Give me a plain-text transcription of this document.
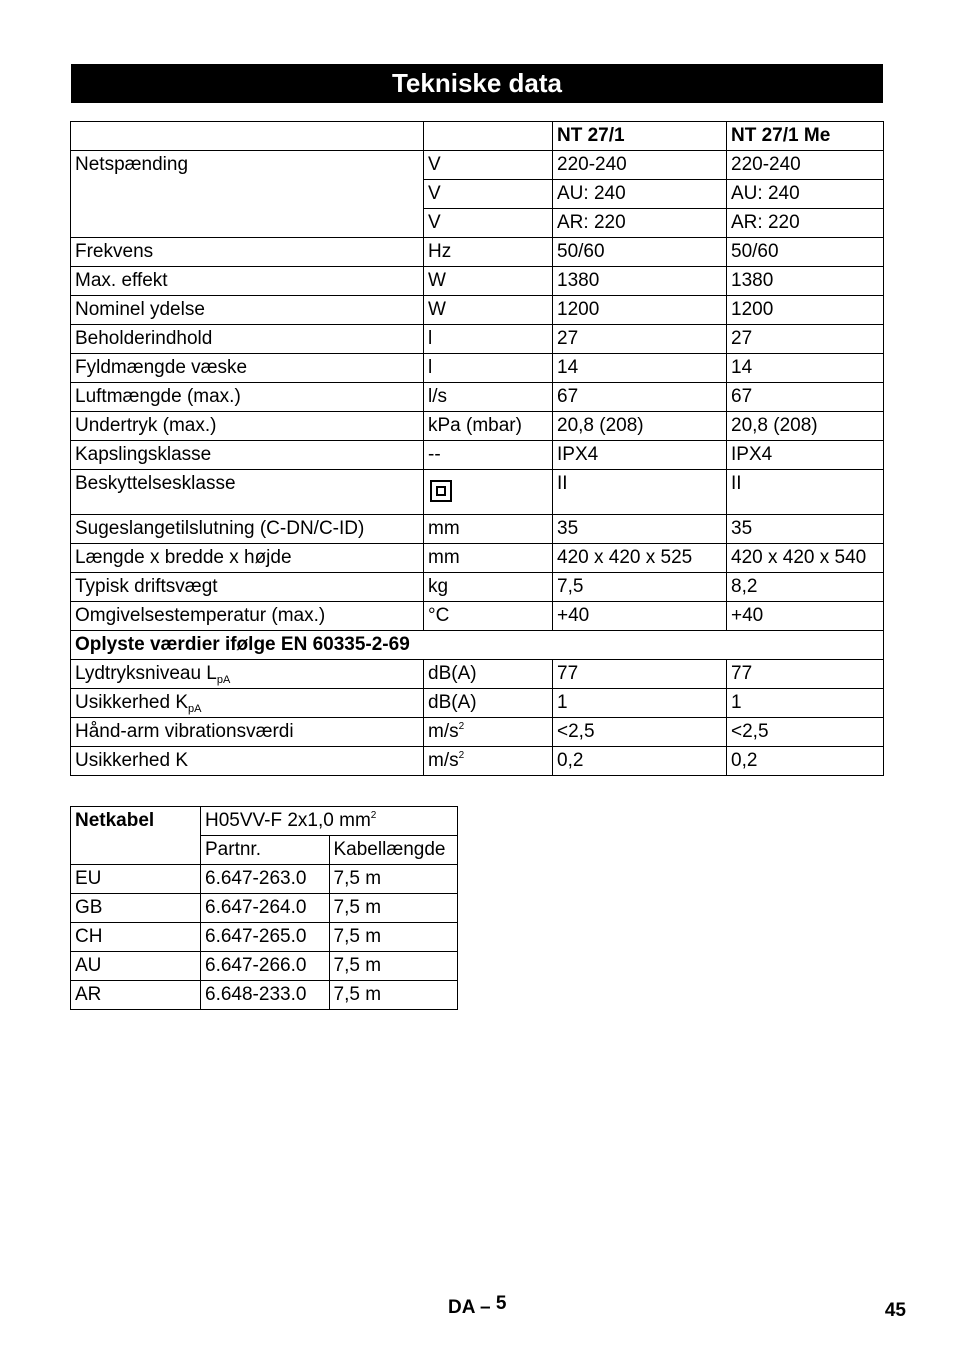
Tekniske data
		NT 27/1	NT 27/1 Me
Netspænding	V	220-240	220-240
	V	AU: 240	AU: 240
	V	AR: 220	AR: 220
Frekvens	Hz	50/60	50/60
Max. effekt	W	1380	1380
Nominel ydelse	W	1200	1200
Beholderindhold	l	27	27
Fyldmængde væske	l	14	14
Luftmængde (max.)	l/s	67	67
Undertryk (max.)	kPa (mbar)	20,8 (208)	20,8 (208)
Kapslingsklasse	--	IPX4	IPX4
Beskyttelsesklasse		II	II
Sugeslangetilslutning (C-DN/C-ID)	mm	35	35
Længde x bredde x højde	mm	420 x 420 x 525	420 x 420 x 540
Typisk driftsvægt	kg	7,5	8,2
Omgivelsestemperatur (max.)	°C	+40	+40
Oplyste værdier ifølge EN 60335-2-69			
Lydtryksniveau $L_{pA}$	dB(A)	77	77
Usikkerhed $K_{pA}$	dB(A)	1	1
Hånd-arm vibrationsværdi	$m/s^2$	<2,5	<2,5
Usikkerhed K	$m/s^2$	0,2	0,2
Netkabel	H05VV-F 2x1,0 $mm^2$
	Partnr.	Kabellængde
EU	6.647-263.0	7,5 m
GB	6.647-264.0	7,5 m
CH	6.647-265.0	7,5 m
AU	6.647-266.0	7,5 m
AR	6.648-233.0	7,5 m
DA – 5	45
